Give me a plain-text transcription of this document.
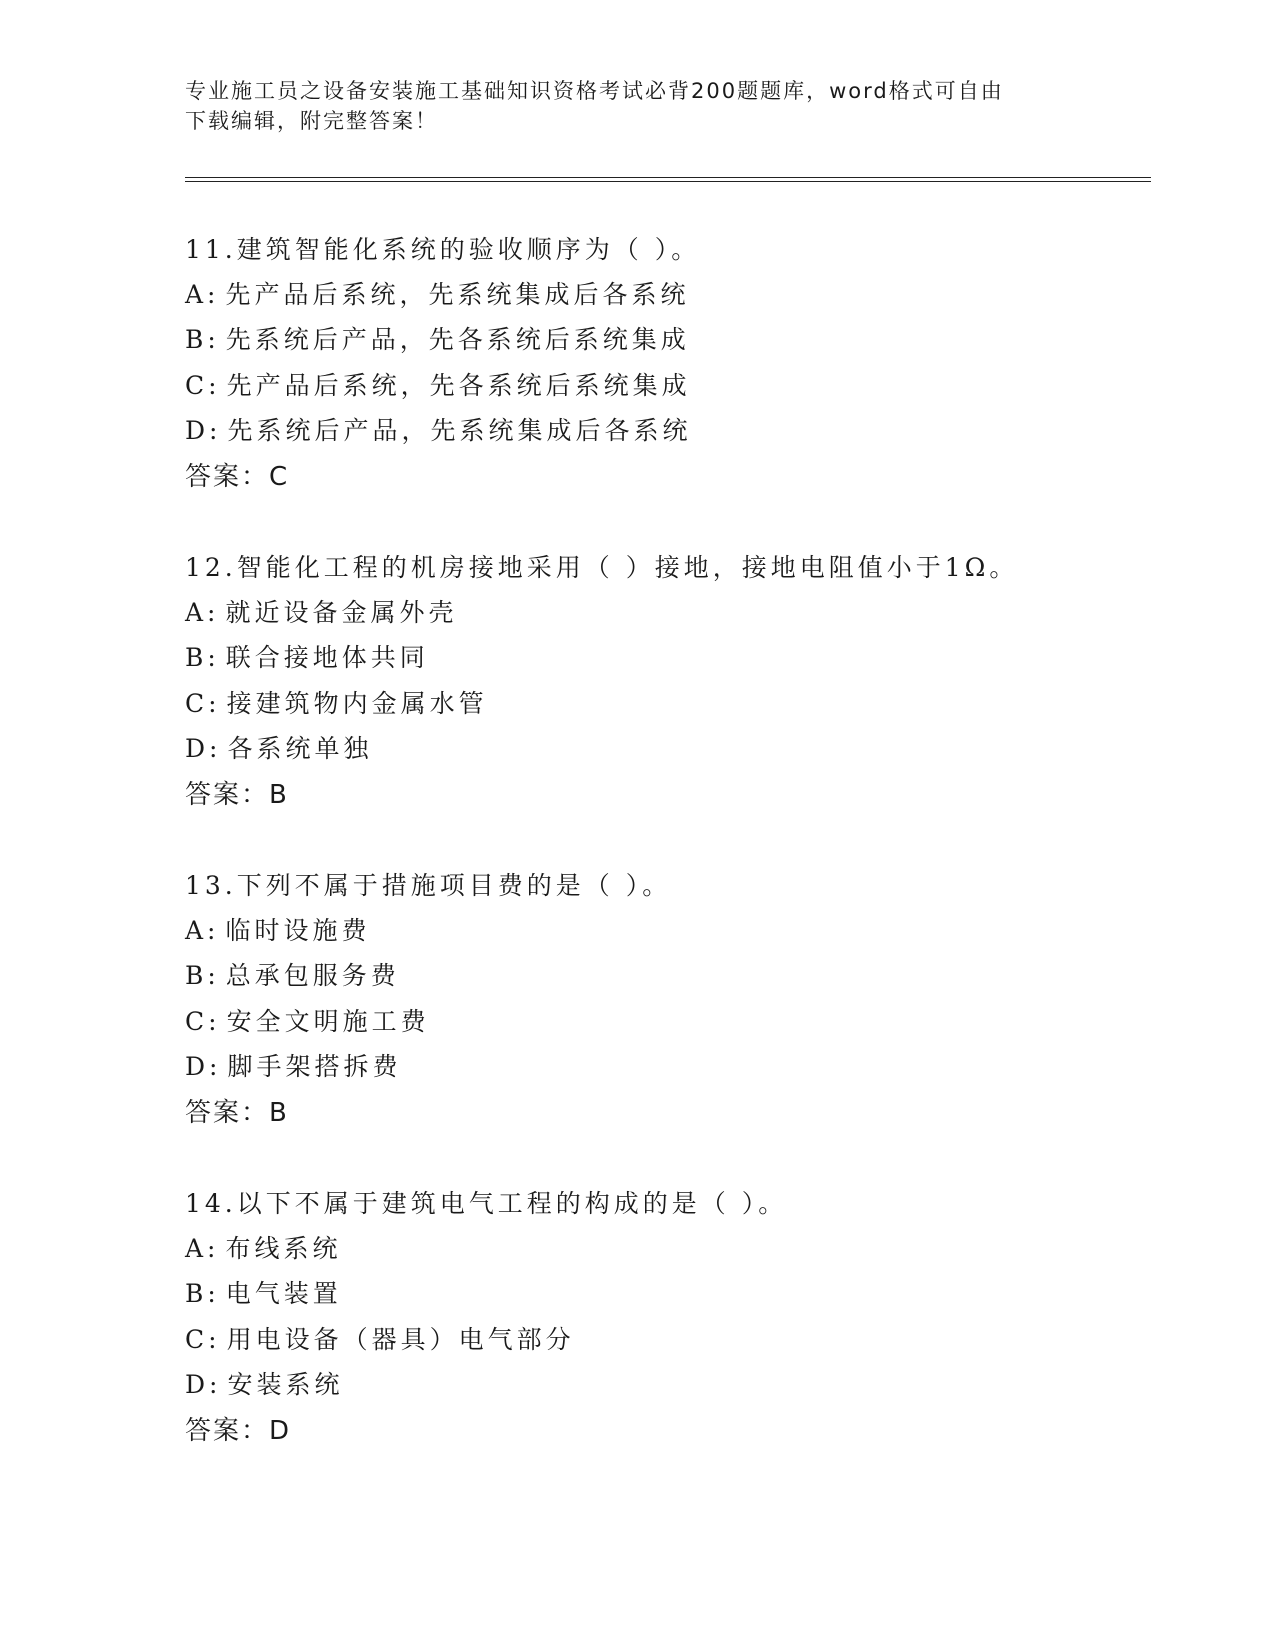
专业施工员之设备安装施工基础知识资格考试必背200题题库，word格式可自由
下载编辑，附完整答案！
11.建筑智能化系统的验收顺序为（ ）。
A: 先产品后系统，先系统集成后各系统
B: 先系统后产品，先各系统后系统集成
C: 先产品后系统，先各系统后系统集成
D: 先系统后产品，先系统集成后各系统
答案：C
12.智能化工程的机房接地采用（ ）接地，接地电阻值小于1Ω。
A: 就近设备金属外壳
B: 联合接地体共同
C: 接建筑物内金属水管
D: 各系统单独
答案：B
13.下列不属于措施项目费的是（ ）。
A: 临时设施费
B: 总承包服务费
C: 安全文明施工费
D: 脚手架搭拆费
答案：B
14.以下不属于建筑电气工程的构成的是（ ）。
A: 布线系统
B: 电气装置
C: 用电设备（器具）电气部分
D: 安装系统
答案：D
